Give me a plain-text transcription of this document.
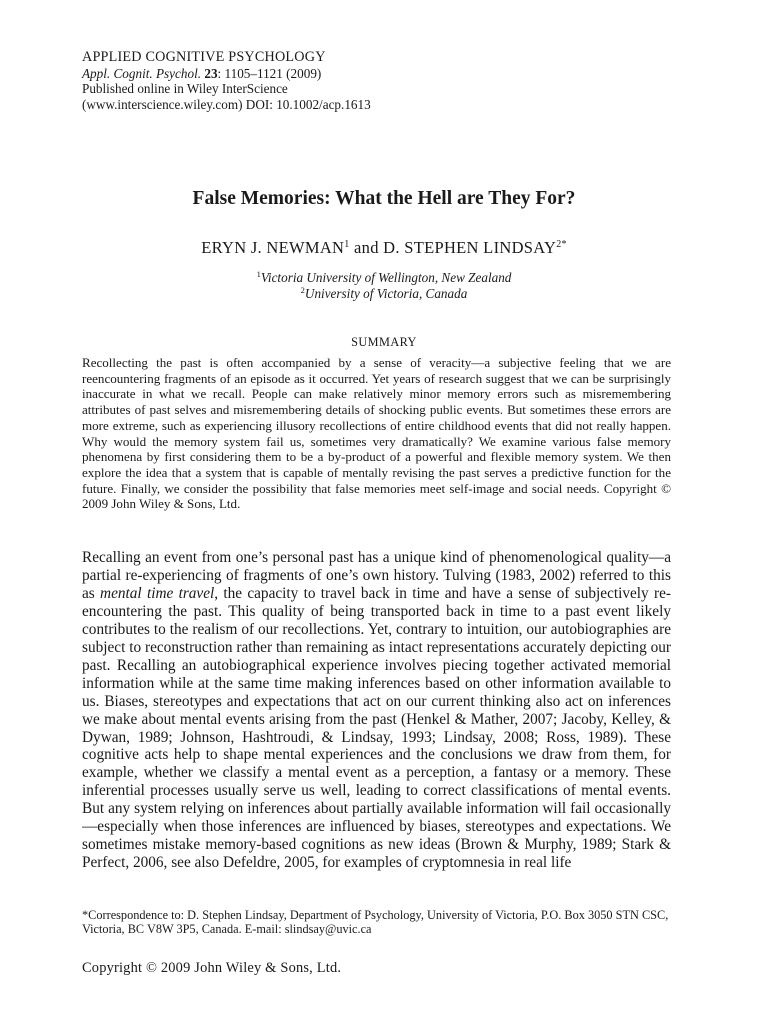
APPLIED COGNITIVE PSYCHOLOGY
Appl. Cognit. Psychol. 23: 1105–1121 (2009)
Published online in Wiley InterScience
(www.interscience.wiley.com) DOI: 10.1002/acp.1613
False Memories: What the Hell are They For?
ERYN J. NEWMAN$^1$ and D. STEPHEN $LINDSAY^{2*}$
$^1$Victoria University of Wellington, New Zealand
$^2$University of Victoria, Canada
SUMMARY

Recollecting the past is often accompanied by a sense of veracity—a subjective feeling that we are reencountering fragments of an episode as it occurred. Yet years of research suggest that we can be surprisingly inaccurate in what we recall. People can make relatively minor memory errors such as misremembering attributes of past selves and misremembering details of shocking public events. But sometimes these errors are more extreme, such as experiencing illusory recollections of entire childhood events that did not really happen. Why would the memory system fail us, sometimes very dramatically? We examine various false memory phenomena by first considering them to be a by-product of a powerful and flexible memory system. We then explore the idea that a system that is capable of mentally revising the past serves a predictive function for the future. Finally, we consider the possibility that false memories meet self-image and social needs. Copyright © 2009 John Wiley & Sons, Ltd.

Recalling an event from one’s personal past has a unique kind of phenomenological quality—a partial re-experiencing of fragments of one’s own history. Tulving (1983, 2002) referred to this as mental time travel, the capacity to travel back in time and have a sense of subjectively re-encountering the past. This quality of being transported back in time to a past event likely contributes to the realism of our recollections. Yet, contrary to intuition, our autobiographies are subject to reconstruction rather than remaining as intact representations accurately depicting our past. Recalling an autobiographical experience involves piecing together activated memorial information while at the same time making inferences based on other information available to us. Biases, stereotypes and expectations that act on our current thinking also act on inferences we make about mental events arising from the past (Henkel & Mather, 2007; Jacoby, Kelley, & Dywan, 1989; Johnson, Hashtroudi, & Lindsay, 1993; Lindsay, 2008; Ross, 1989). These cognitive acts help to shape mental experiences and the conclusions we draw from them, for example, whether we classify a mental event as a perception, a fantasy or a memory. These inferential processes usually serve us well, leading to correct classifications of mental events. But any system relying on inferences about partially available information will fail occasionally—especially when those inferences are influenced by biases, stereotypes and expectations. We sometimes mistake memory-based cognitions as new ideas (Brown & Murphy, 1989; Stark & Perfect, 2006, see also Defeldre, 2005, for examples of cryptomnesia in real life

*Correspondence to: D. Stephen Lindsay, Department of Psychology, University of Victoria, P.O. Box 3050 STN CSC, Victoria, BC V8W 3P5, Canada. E-mail: slindsay@uvic.ca

Copyright © 2009 John Wiley & Sons, Ltd.
